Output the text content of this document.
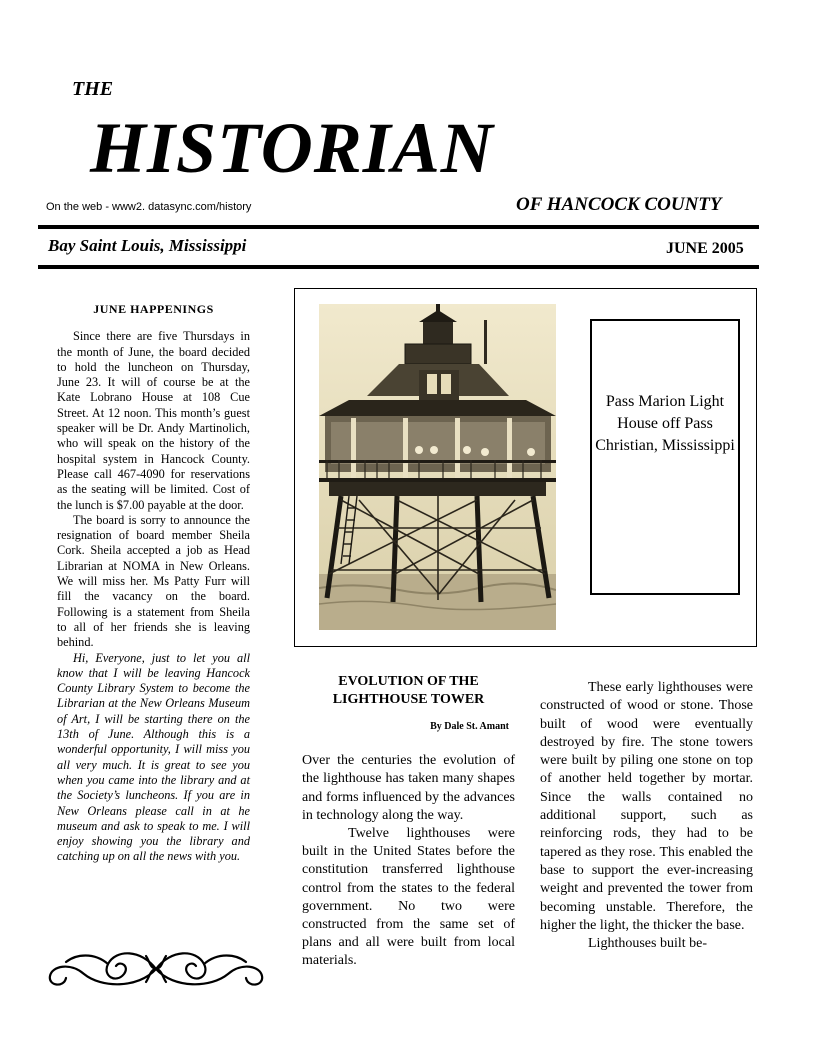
THE
HISTORIAN
On the web - www2. datasync.com/history	OF HANCOCK COUNTY
Bay Saint Louis, Mississippi	JUNE 2005
JUNE HAPPENINGS

Since there are five Thursdays in the month of June, the board decided to hold the luncheon on Thursday, June 23. It will of course be at the Kate Lobrano House at 108 Cue Street. At 12 noon. This month’s guest speaker will be Dr. Andy Martinolich, who will speak on the history of the hospital system in Hancock County. Please call 467-4090 for reservations as the seating will be limited. Cost of the lunch is $7.00 payable at the door.

The board is sorry to announce the resignation of board member Sheila Cork. Sheila accepted a job as Head Librarian at NOMA in New Orleans. We will miss her. Ms Patty Furr will fill the vacancy on the board. Following is a statement from Sheila to all of her friends she is leaving behind.

Hi, Everyone, just to let you all know that I will be leaving Hancock County Library System to become the Librarian at the New Orleans Museum of Art, I will be starting there on the 13th of June. Although this is a wonderful opportunity, I will miss you all very much. It is great to see you when you came into the library and at the Society’s luncheons. If you are in New Orleans please call in at he museum and ask to speak to me. I will enjoy showing you the library and catching up on all the news with you.

Pass Marion Light House off Pass Christian, Mississippi
EVOLUTION OF THE LIGHTHOUSE TOWER
By Dale St. Amant

Over the centuries the evolution of the lighthouse has taken many shapes and forms influenced by the advances in technology along the way.

Twelve lighthouses were built in the United States before the constitution transferred lighthouse control from the states to the federal government. No two were constructed from the same set of plans and all were built from local materials.

These early lighthouses were constructed of wood or stone. Those built of wood were eventually destroyed by fire. The stone towers were built by piling one stone on top of another held together by mortar. Since the walls contained no additional support, such as reinforcing rods, they had to be tapered as they rose. This enabled the base to support the ever-increasing weight and prevented the tower from becoming unstable. Therefore, the higher the light, the thicker the base.

Lighthouses built be-
